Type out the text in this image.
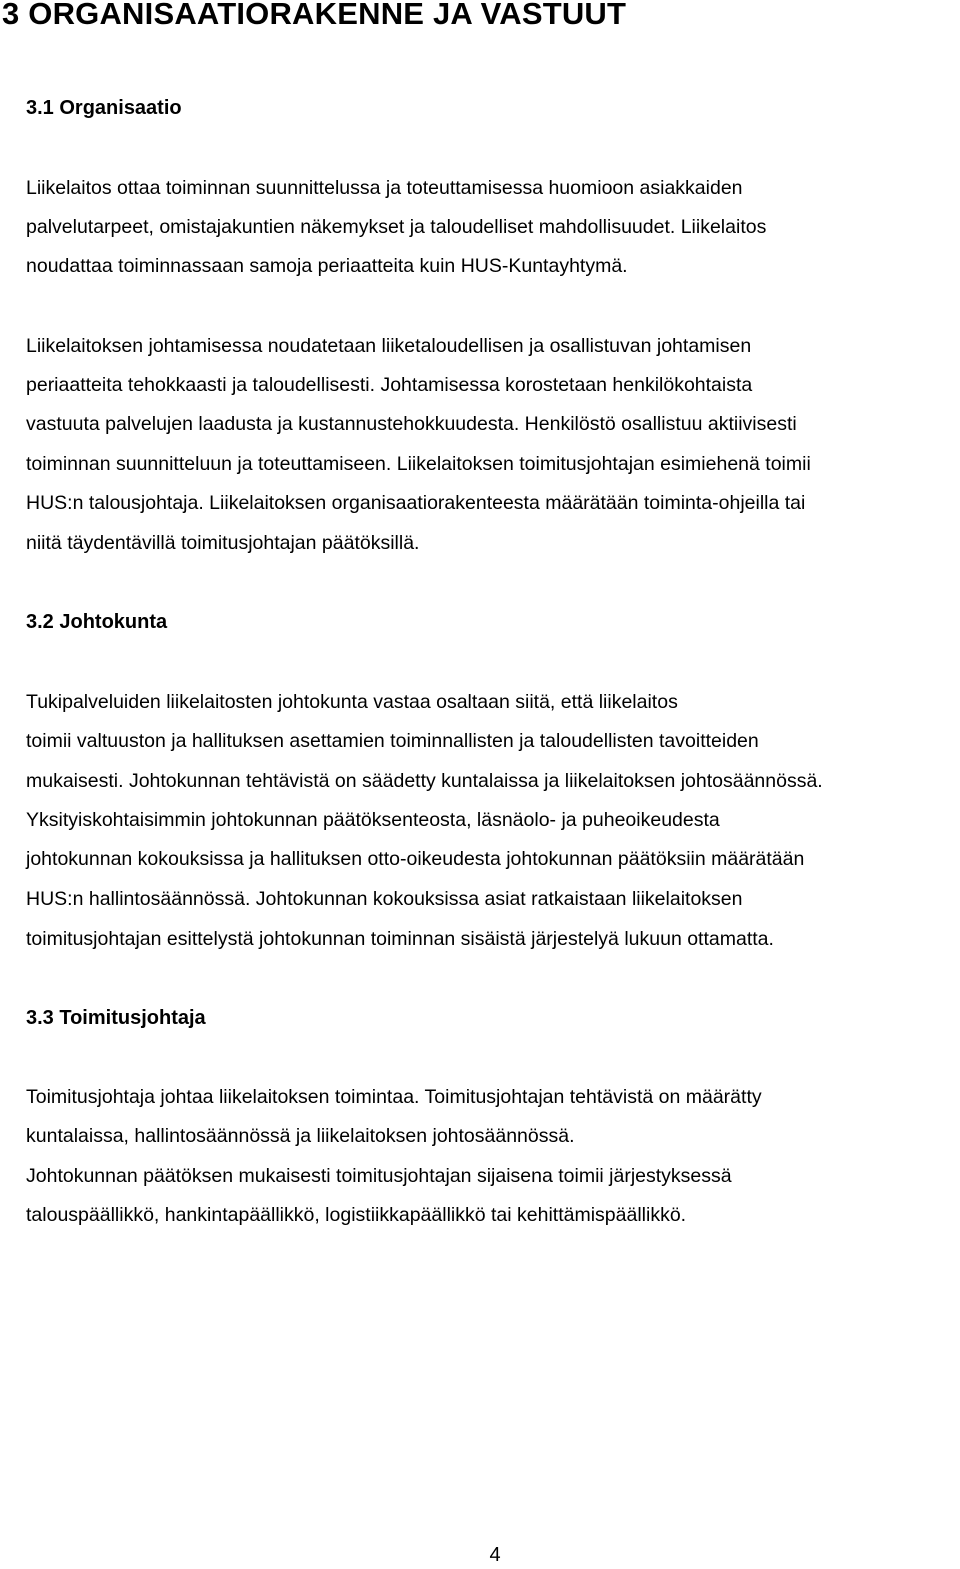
3 ORGANISAATIORAKENNE JA VASTUUT
3.1 Organisaatio

Liikelaitos ottaa toiminnan suunnittelussa ja toteuttamisessa huomioon asiakkaiden

palvelutarpeet, omistajakuntien näkemykset ja taloudelliset mahdollisuudet. Liikelaitos

noudattaa toiminnassaan samoja periaatteita kuin HUS-Kuntayhtymä.

Liikelaitoksen johtamisessa noudatetaan liiketaloudellisen ja osallistuvan johtamisen

periaatteita tehokkaasti ja taloudellisesti. Johtamisessa korostetaan henkilökohtaista

vastuuta palvelujen laadusta ja kustannustehokkuudesta. Henkilöstö osallistuu aktiivisesti

toiminnan suunnitteluun ja toteuttamiseen. Liikelaitoksen toimitusjohtajan esimiehenä toimii

HUS:n talousjohtaja. Liikelaitoksen organisaatiorakenteesta määrätään toiminta-ohjeilla tai

niitä täydentävillä toimitusjohtajan päätöksillä.

3.2 Johtokunta

Tukipalveluiden liikelaitosten johtokunta vastaa osaltaan siitä, että liikelaitos

toimii valtuuston ja hallituksen asettamien toiminnallisten ja taloudellisten tavoitteiden

mukaisesti. Johtokunnan tehtävistä on säädetty kuntalaissa ja liikelaitoksen johtosäännössä.

Yksityiskohtaisimmin johtokunnan päätöksenteosta, läsnäolo- ja puheoikeudesta

johtokunnan kokouksissa ja hallituksen otto-oikeudesta johtokunnan päätöksiin määrätään

HUS:n hallintosäännössä. Johtokunnan kokouksissa asiat ratkaistaan liikelaitoksen

toimitusjohtajan esittelystä johtokunnan toiminnan sisäistä järjestelyä lukuun ottamatta.

3.3 Toimitusjohtaja

Toimitusjohtaja johtaa liikelaitoksen toimintaa. Toimitusjohtajan tehtävistä on määrätty

kuntalaissa, hallintosäännössä ja liikelaitoksen johtosäännössä.

Johtokunnan päätöksen mukaisesti toimitusjohtajan sijaisena toimii järjestyksessä

talouspäällikkö, hankintapäällikkö, logistiikkapäällikkö tai kehittämispäällikkö.

4
